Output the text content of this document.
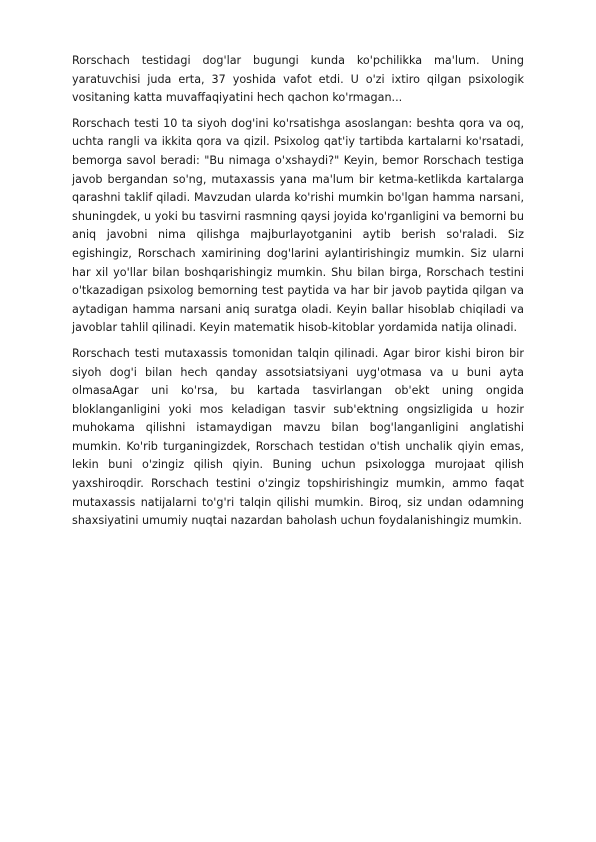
Rorschach testidagi dog'lar bugungi kunda ko'pchilikka ma'lum. Uning yaratuvchisi juda erta, 37 yoshida vafot etdi. U o'zi ixtiro qilgan psixologik vositaning katta muvaffaqiyatini hech qachon ko'rmagan...

Rorschach testi 10 ta siyoh dog'ini ko'rsatishga asoslangan: beshta qora va oq, uchta rangli va ikkita qora va qizil. Psixolog qat'iy tartibda kartalarni ko'rsatadi, bemorga savol beradi: "Bu nimaga o'xshaydi?" Keyin, bemor Rorschach testiga javob bergandan so'ng, mutaxassis yana ma'lum bir ketma-ketlikda kartalarga qarashni taklif qiladi. Mavzudan ularda ko'rishi mumkin bo'lgan hamma narsani, shuningdek, u yoki bu tasvirni rasmning qaysi joyida ko'rganligini va bemorni bu aniq javobni nima qilishga majburlayotganini aytib berish so'raladi. Siz egishingiz, Rorschach xamirining dog'larini aylantirishingiz mumkin. Siz ularni har xil yo'llar bilan boshqarishingiz mumkin. Shu bilan birga, Rorschach testini o'tkazadigan psixolog bemorning test paytida va har bir javob paytida qilgan va aytadigan hamma narsani aniq suratga oladi. Keyin ballar hisoblab chiqiladi va javoblar tahlil qilinadi. Keyin matematik hisob-kitoblar yordamida natija olinadi.

Rorschach testi mutaxassis tomonidan talqin qilinadi. Agar biror kishi biron bir siyoh dog'i bilan hech qanday assotsiatsiyani uyg'otmasa va u buni ayta olmasaAgar uni ko'rsa, bu kartada tasvirlangan ob'ekt uning ongida bloklanganligini yoki mos keladigan tasvir sub'ektning ongsizligida u hozir muhokama qilishni istamaydigan mavzu bilan bog'langanligini anglatishi mumkin. Ko'rib turganingizdek, Rorschach testidan o'tish unchalik qiyin emas, lekin buni o'zingiz qilish qiyin. Buning uchun psixologga murojaat qilish yaxshiroqdir. Rorschach testini o'zingiz topshirishingiz mumkin, ammo faqat mutaxassis natijalarni to'g'ri talqin qilishi mumkin. Biroq, siz undan odamning shaxsiyatini umumiy nuqtai nazardan baholash uchun foydalanishingiz mumkin.
